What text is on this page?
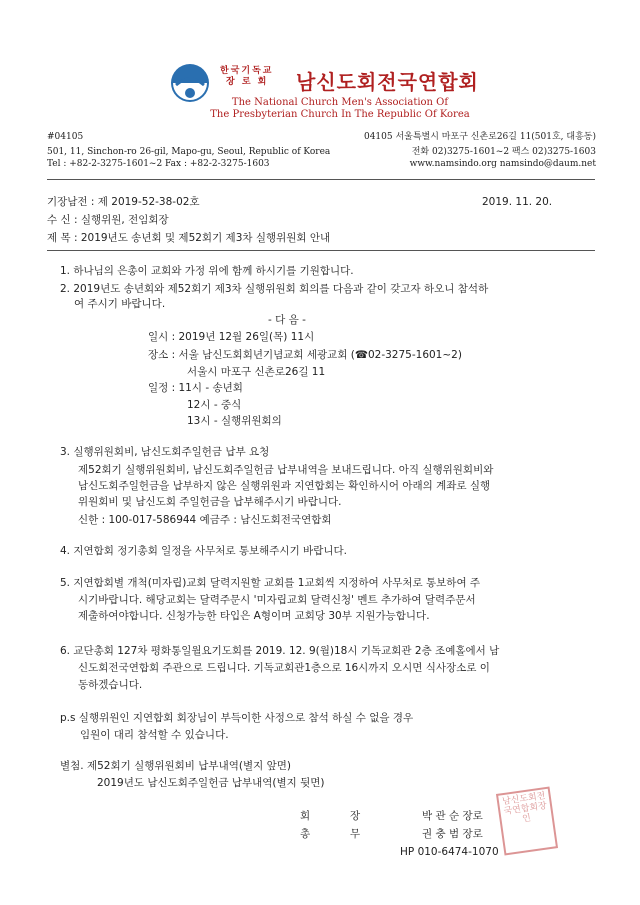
한국기독교
장 로 회 남신도회전국연합회
The National Church Men's Association Of
The Presbyterian Church In The Republic Of Korea
#04105
501, 11, Sinchon-ro 26-gil, Mapo-gu, Seoul, Republic of Korea
Tel : +82-2-3275-1601~2 Fax : +82-2-3275-1603
04105 서울특별시 마포구 신촌로26길 11(501호, 대흥동)
전화 02)3275-1601~2 팩스 02)3275-1603
www.namsindo.org namsindo@daum.net
기장남전 : 제 2019-52-38-02호	2019. 11. 20.
수 신 : 실행위원, 전임회장
제 목 : 2019년도 송년회 및 제52회기 제3차 실행위원회 안내
1. 하나님의 은총이 교회와 가정 위에 함께 하시기를 기원합니다.
2. 2019년도 송년회와 제52회기 제3차 실행위원회 회의를 다음과 같이 갖고자 하오니 참석하
여 주시기 바랍니다.
- 다 음 -
일시 : 2019년 12월 26일(목) 11시
장소 : 서울 남신도회회년기념교회 세광교회 (☎02-3275-1601~2)
서울시 마포구 신촌로26길 11
일정 : 11시 - 송년회
12시 - 중식
13시 - 실행위원회의
3. 실행위원회비, 남신도회주일헌금 납부 요청
제52회기 실행위원회비, 남신도회주일헌금 납부내역을 보내드립니다. 아직 실행위원회비와
남신도회주일헌금을 납부하지 않은 실행위원과 지연합회는 확인하시어 아래의 계좌로 실행
위원회비 및 남신도회 주일헌금을 납부해주시기 바랍니다.
신한 : 100-017-586944 예금주 : 남신도회전국연합회
4. 지연합회 정기총회 일정을 사무처로 통보해주시기 바랍니다.
5. 지연합회별 개척(미자립)교회 달력지원할 교회를 1교회씩 지정하여 사무처로 통보하여 주
시기바랍니다. 해당교회는 달력주문시 '미자립교회 달력신청' 멘트 추가하여 달력주문서
제출하여야합니다. 신청가능한 타입은 A형이며 교회당 30부 지원가능합니다.
6. 교단총회 127차 평화통일월요기도회를 2019. 12. 9(월)18시 기독교회관 2층 조예홀에서 남
신도회전국연합회 주관으로 드립니다. 기독교회관1층으로 16시까지 오시면 식사장소로 이
동하겠습니다.
p.s 실행위원인 지연합회 회장님이 부득이한 사정으로 참석 하실 수 없을 경우
임원이 대리 참석할 수 있습니다.
별첨. 제52회기 실행위원회비 납부내역(별지 앞면)
2019년도 남신도회주일헌금 납부내역(별지 뒷면)
회	장	박 관 순 장로
총	무	권 충 범 장로
HP 010-6474-1070
남신도회전국연합회장인
